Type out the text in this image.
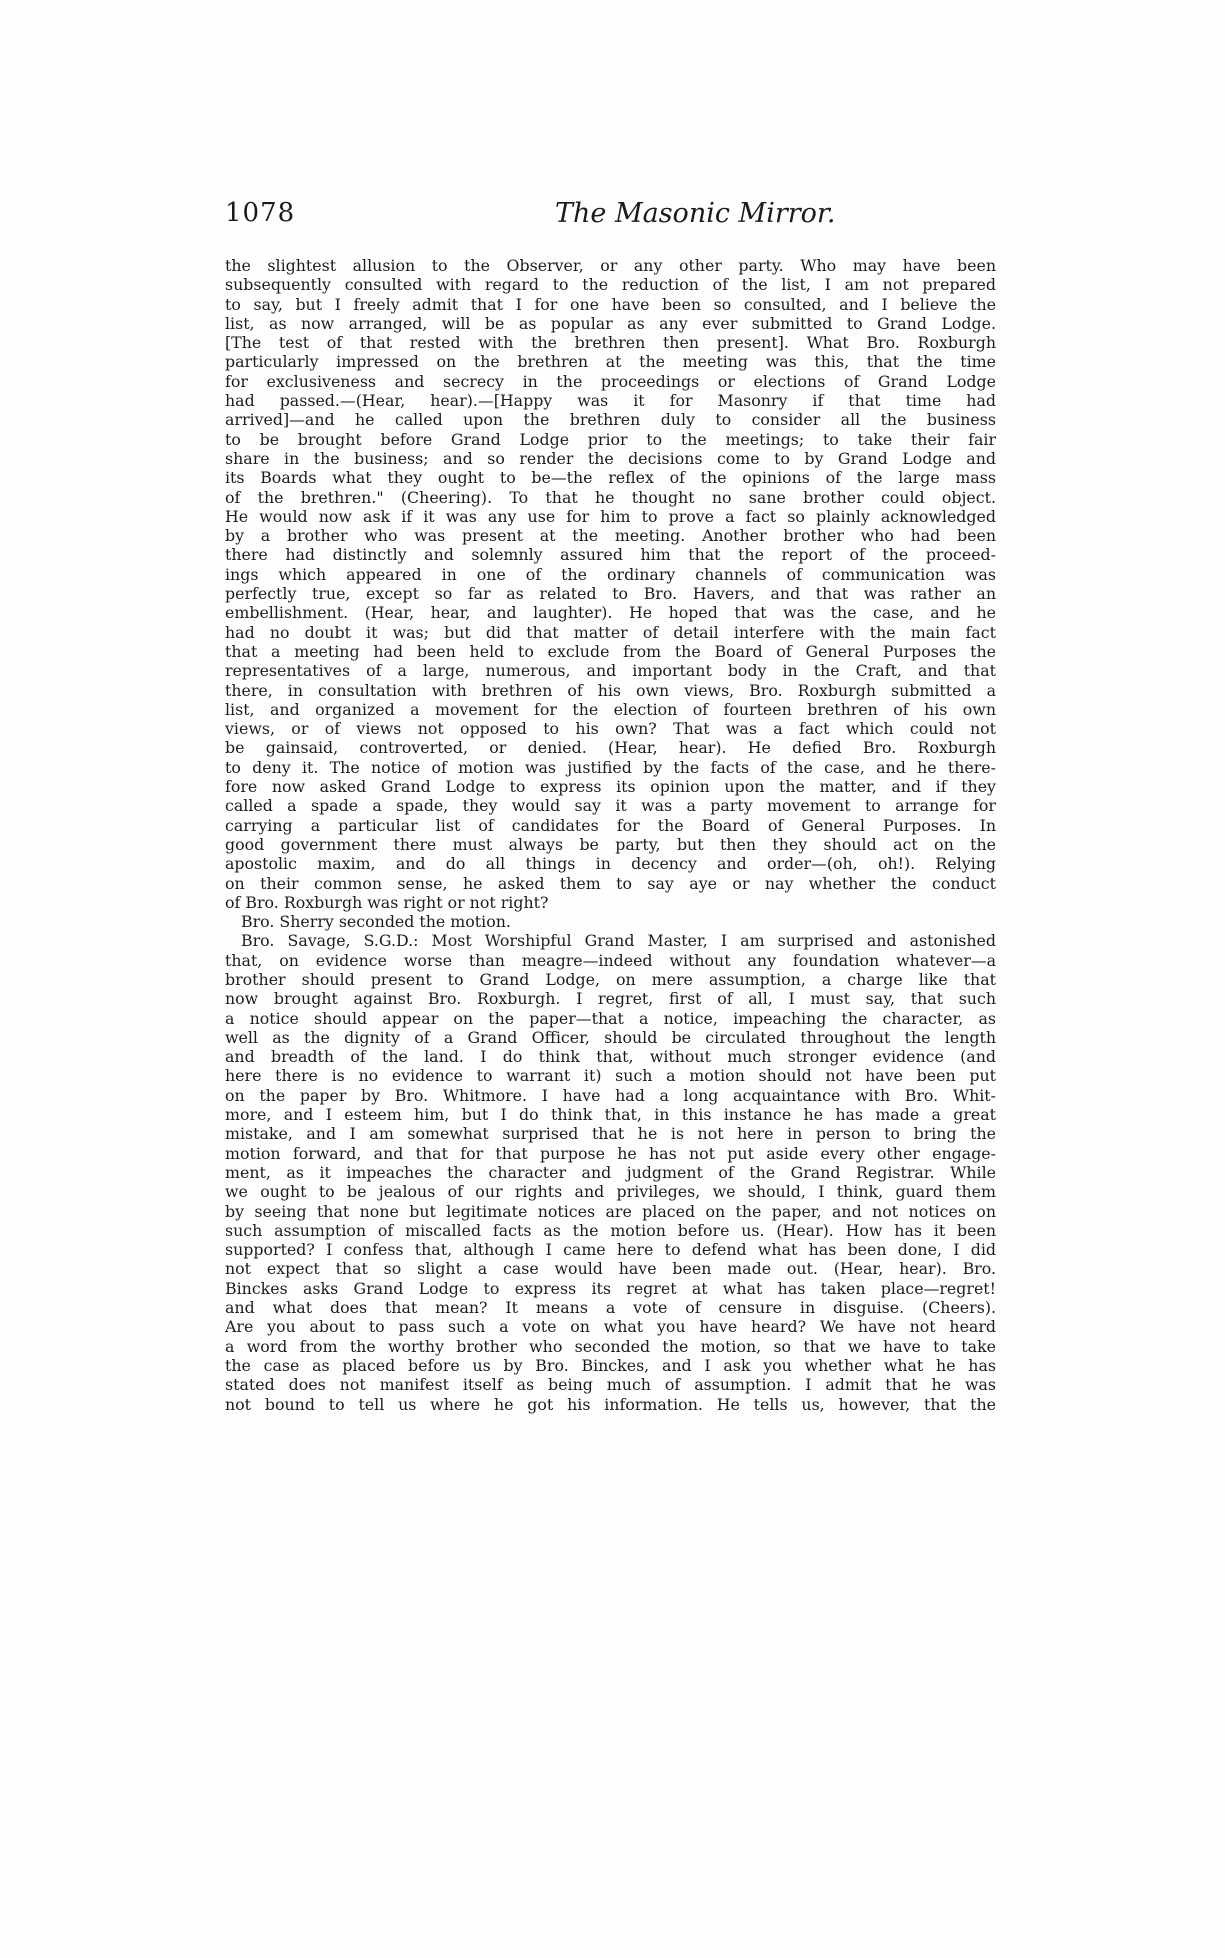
1078	The Masonic Mirror.
the slightest allusion to the Observer, or any other party. Who may have been
subsequently consulted with regard to the reduction of the list, I am not prepared
to say, but I freely admit that I for one have been so consulted, and I believe the
list, as now arranged, will be as popular as any ever submitted to Grand Lodge.
[The test of that rested with the brethren then present]. What Bro. Roxburgh
particularly impressed on the brethren at the meeting was this, that the time
for exclusiveness and secrecy in the proceedings or elections of Grand Lodge
had passed.—(Hear, hear).—[Happy was it for Masonry if that time had
arrived]—and he called upon the brethren duly to consider all the business
to be brought before Grand Lodge prior to the meetings; to take their fair
share in the business; and so render the decisions come to by Grand Lodge and
its Boards what they ought to be—the reflex of the opinions of the large mass
of the brethren." (Cheering). To that he thought no sane brother could object.
He would now ask if it was any use for him to prove a fact so plainly acknowledged
by a brother who was present at the meeting. Another brother who had been
there had distinctly and solemnly assured him that the report of the proceed-
ings which appeared in one of the ordinary channels of communication was
perfectly true, except so far as related to Bro. Havers, and that was rather an
embellishment. (Hear, hear, and laughter). He hoped that was the case, and he
had no doubt it was; but did that matter of detail interfere with the main fact
that a meeting had been held to exclude from the Board of General Purposes the
representatives of a large, numerous, and important body in the Craft, and that
there, in consultation with brethren of his own views, Bro. Roxburgh submitted a
list, and organized a movement for the election of fourteen brethren of his own
views, or of views not opposed to his own? That was a fact which could not
be gainsaid, controverted, or denied. (Hear, hear). He defied Bro. Roxburgh
to deny it. The notice of motion was justified by the facts of the case, and he there-
fore now asked Grand Lodge to express its opinion upon the matter, and if they
called a spade a spade, they would say it was a party movement to arrange for
carrying a particular list of candidates for the Board of General Purposes. In
good government there must always be party, but then they should act on the
apostolic maxim, and do all things in decency and order—(oh, oh!). Relying
on their common sense, he asked them to say aye or nay whether the conduct
of Bro. Roxburgh was right or not right?
Bro. Sherry seconded the motion.
Bro. Savage, S.G.D.: Most Worshipful Grand Master, I am surprised and astonished
that, on evidence worse than meagre—indeed without any foundation whatever—a
brother should present to Grand Lodge, on mere assumption, a charge like that
now brought against Bro. Roxburgh. I regret, first of all, I must say, that such
a notice should appear on the paper—that a notice, impeaching the character, as
well as the dignity of a Grand Officer, should be circulated throughout the length
and breadth of the land. I do think that, without much stronger evidence (and
here there is no evidence to warrant it) such a motion should not have been put
on the paper by Bro. Whitmore. I have had a long acquaintance with Bro. Whit-
more, and I esteem him, but I do think that, in this instance he has made a great
mistake, and I am somewhat surprised that he is not here in person to bring the
motion forward, and that for that purpose he has not put aside every other engage-
ment, as it impeaches the character and judgment of the Grand Registrar. While
we ought to be jealous of our rights and privileges, we should, I think, guard them
by seeing that none but legitimate notices are placed on the paper, and not notices on
such assumption of miscalled facts as the motion before us. (Hear). How has it been
supported? I confess that, although I came here to defend what has been done, I did
not expect that so slight a case would have been made out. (Hear, hear). Bro.
Binckes asks Grand Lodge to express its regret at what has taken place—regret!
and what does that mean? It means a vote of censure in disguise. (Cheers).
Are you about to pass such a vote on what you have heard? We have not heard
a word from the worthy brother who seconded the motion, so that we have to take
the case as placed before us by Bro. Binckes, and I ask you whether what he has
stated does not manifest itself as being much of assumption. I admit that he was
not bound to tell us where he got his information. He tells us, however, that the
